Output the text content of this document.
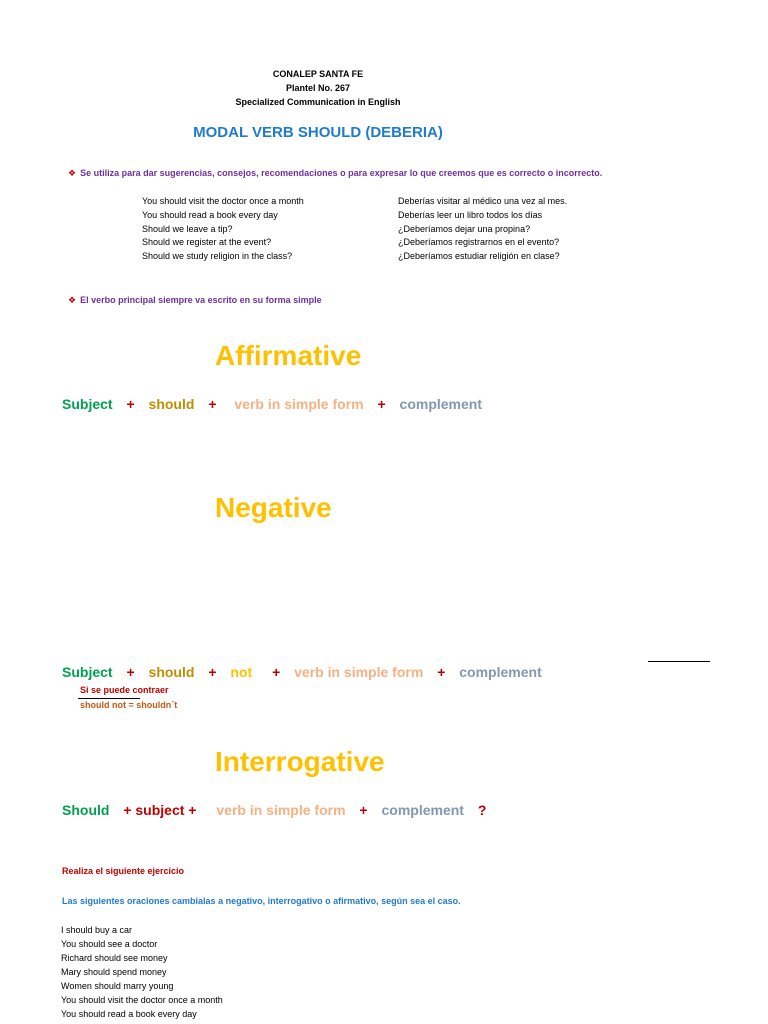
CONALEP SANTA FE
Plantel No. 267
Specialized Communication in English
MODAL VERB SHOULD (DEBERIA)
❖ Se utiliza para dar sugerencias, consejos, recomendaciones o para expresar lo que creemos que es correcto o incorrecto.
You should visit the doctor once a month
You should read a book every day
Should we leave a tip?
Should we register at the event?
Should we study religion in the class?
Deberías visitar al médico una vez al mes.
Deberías leer un libro todos los días
¿Deberíamos dejar una propina?
¿Deberíamos registrarnos en el evento?
¿Deberíamos estudiar religión en clase?
❖ El verbo principal siempre va escrito en su forma simple
Affirmative
Subject + should + verb in simple form + complement
Negative
Subject + should + not + verb in simple form + complement
Si se puede contraer
should not = shouldn´t
Interrogative
Should + subject + verb in simple form + complement ?
Realiza el siguiente ejercicio
Las siguientes oraciones cambialas a negativo, interrogativo o afirmativo, según sea el caso.
I should buy a car
You should see a doctor
Richard should see money
Mary should spend money
Women should marry young
You should visit the doctor once a month
You should read a book every day
